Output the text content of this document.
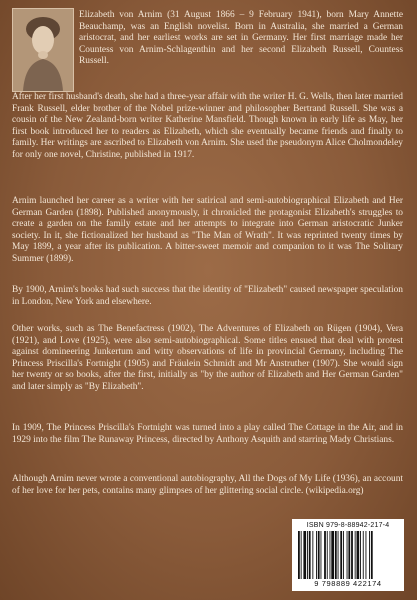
Elizabeth von Arnim (31 August 1866 – 9 February 1941), born Mary Annette Beauchamp, was an English novelist. Born in Australia, she married a German aristocrat, and her earliest works are set in Germany. Her first marriage made her Countess von Arnim-Schlagenthin and her second Elizabeth Russell, Countess Russell.
After her first husband's death, she had a three-year affair with the writer H. G. Wells, then later married Frank Russell, elder brother of the Nobel prize-winner and philosopher Bertrand Russell. She was a cousin of the New Zealand-born writer Katherine Mansfield. Though known in early life as May, her first book introduced her to readers as Elizabeth, which she eventually became friends and finally to family. Her writings are ascribed to Elizabeth von Arnim. She used the pseudonym Alice Cholmondeley for only one novel, Christine, published in 1917.

Arnim launched her career as a writer with her satirical and semi-autobiographical Elizabeth and Her German Garden (1898). Published anonymously, it chronicled the protagonist Elizabeth's struggles to create a garden on the family estate and her attempts to integrate into German aristocratic Junker society. In it, she fictionalized her husband as "The Man of Wrath". It was reprinted twenty times by May 1899, a year after its publication. A bitter-sweet memoir and companion to it was The Solitary Summer (1899).

By 1900, Arnim's books had such success that the identity of "Elizabeth" caused newspaper speculation in London, New York and elsewhere.

Other works, such as The Benefactress (1902), The Adventures of Elizabeth on Rügen (1904), Vera (1921), and Love (1925), were also semi-autobiographical. Some titles ensued that deal with protest against domineering Junkertum and witty observations of life in provincial Germany, including The Princess Priscilla's Fortnight (1905) and Fräulein Schmidt and Mr Anstruther (1907). She would sign her twenty or so books, after the first, initially as "by the author of Elizabeth and Her German Garden" and later simply as "By Elizabeth".

In 1909, The Princess Priscilla's Fortnight was turned into a play called The Cottage in the Air, and in 1929 into the film The Runaway Princess, directed by Anthony Asquith and starring Mady Christians.

Although Arnim never wrote a conventional autobiography, All the Dogs of My Life (1936), an account of her love for her pets, contains many glimpses of her glittering social circle. (wikipedia.org)

ISBN 979-8-88942-217-4
9 798889 422174
